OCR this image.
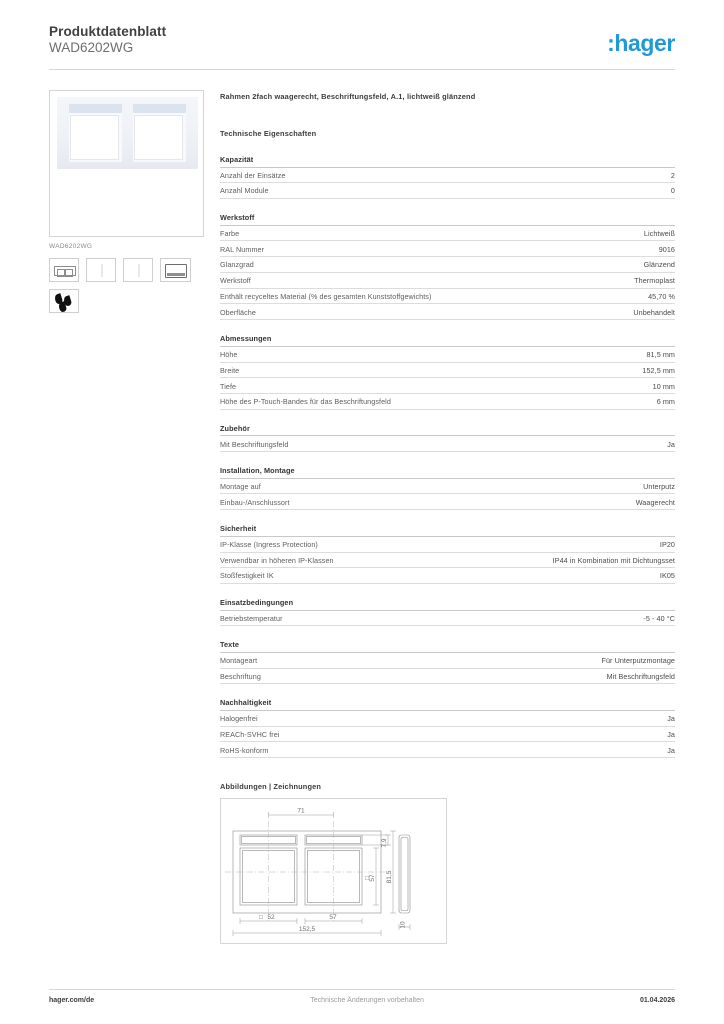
Produktdatenblatt
WAD6202WG	:hager
WAD6202WG
Rahmen 2fach waagerecht, Beschriftungsfeld, A.1, lichtweiß glänzend
Technische Eigenschaften
Kapazität
Anzahl der Einsätze	2
Anzahl Module	0
Werkstoff
Farbe	Lichtweiß
RAL Nummer	9016
Glanzgrad	Glänzend
Werkstoff	Thermoplast
Enthält recyceltes Material (% des gesamten Kunststoffgewichts)	45,70 %
Oberfläche	Unbehandelt
Abmessungen
Höhe	81,5 mm
Breite	152,5 mm
Tiefe	10 mm
Höhe des P-Touch-Bandes für das Beschriftungsfeld	6 mm
Zubehör
Mit Beschriftungsfeld	Ja
Installation, Montage
Montage auf	Unterputz
Einbau-/Anschlussort	Waagerecht
Sicherheit
IP-Klasse (Ingress Protection)	IP20
Verwendbar in höheren IP-Klassen	IP44 in Kombination mit Dichtungsset
Stoßfestigkeit IK	IK05
Einsatzbedingungen
Betriebstemperatur	-5 - 40 °C
Texte
Montageart	Für Unterputzmontage
Beschriftung	Mit Beschriftungsfeld
Nachhaltigkeit
Halogenfrei	Ja
REACh-SVHC frei	Ja
RoHS-konform	Ja
Abbildungen | Zeichnungen
71
7,9
57 81,5
52	57
152,5
10
□
□
hager.com/de	Technische Änderungen vorbehalten	01.04.2026
